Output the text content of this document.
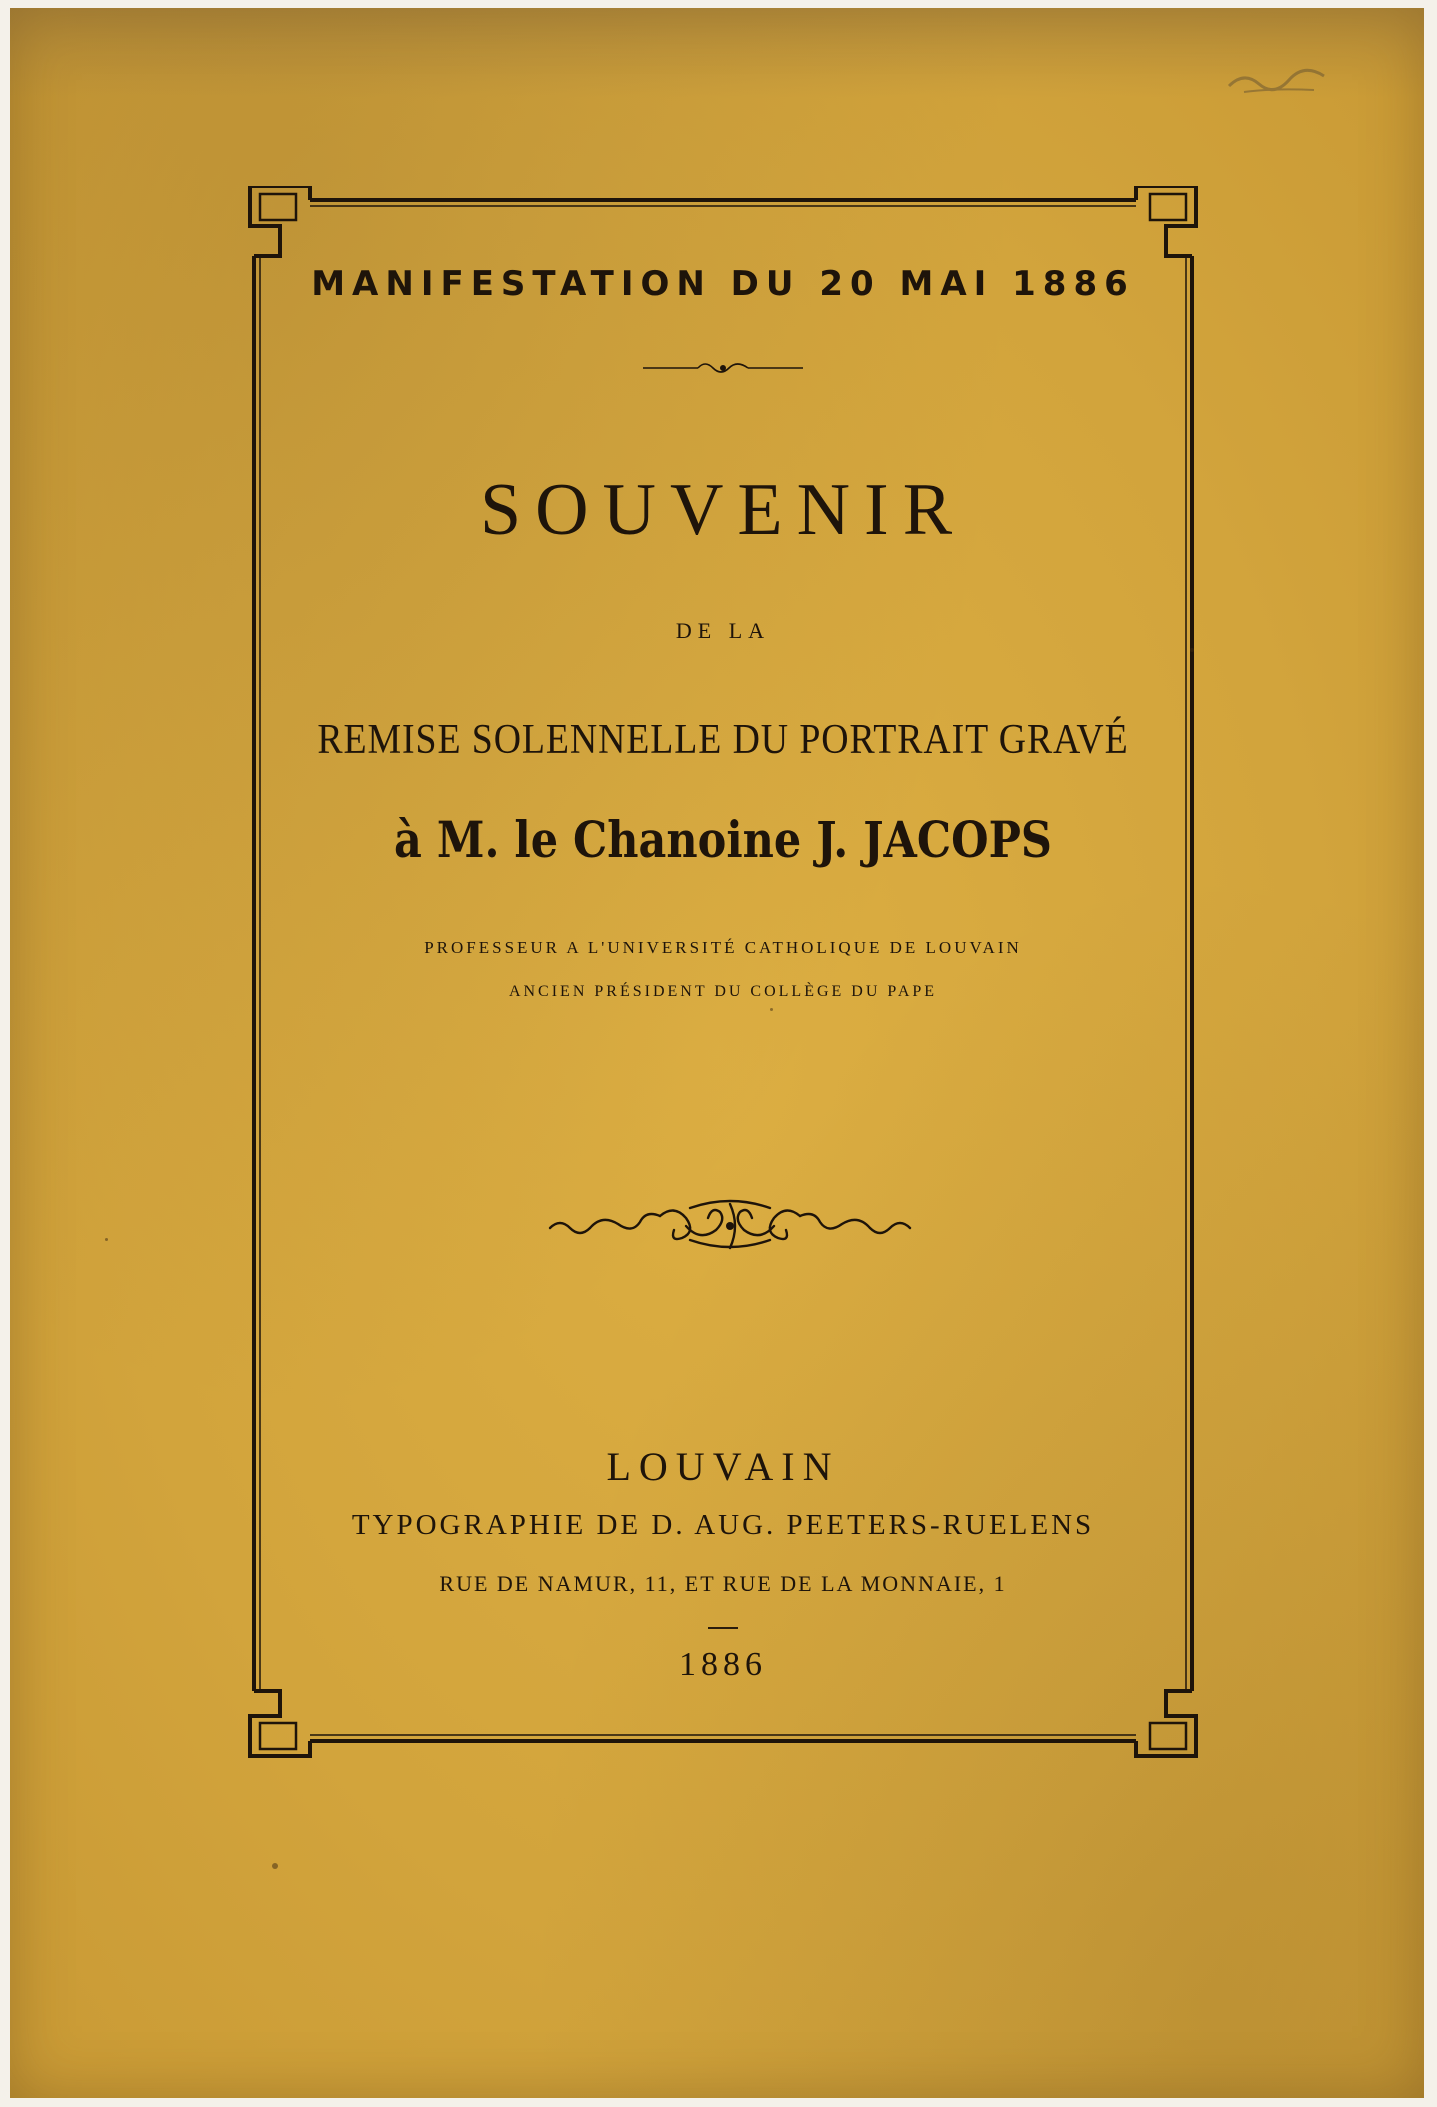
MANIFESTATION DU 20 MAI 1886
SOUVENIR
DE LA
REMISE SOLENNELLE DU PORTRAIT GRAVÉ
à M. le Chanoine J. JACOPS
PROFESSEUR A L'UNIVERSITÉ CATHOLIQUE DE LOUVAIN
ANCIEN PRÉSIDENT DU COLLÈGE DU PAPE
LOUVAIN
TYPOGRAPHIE DE D. AUG. PEETERS-RUELENS
RUE DE NAMUR, 11, ET RUE DE LA MONNAIE, 1
1886
